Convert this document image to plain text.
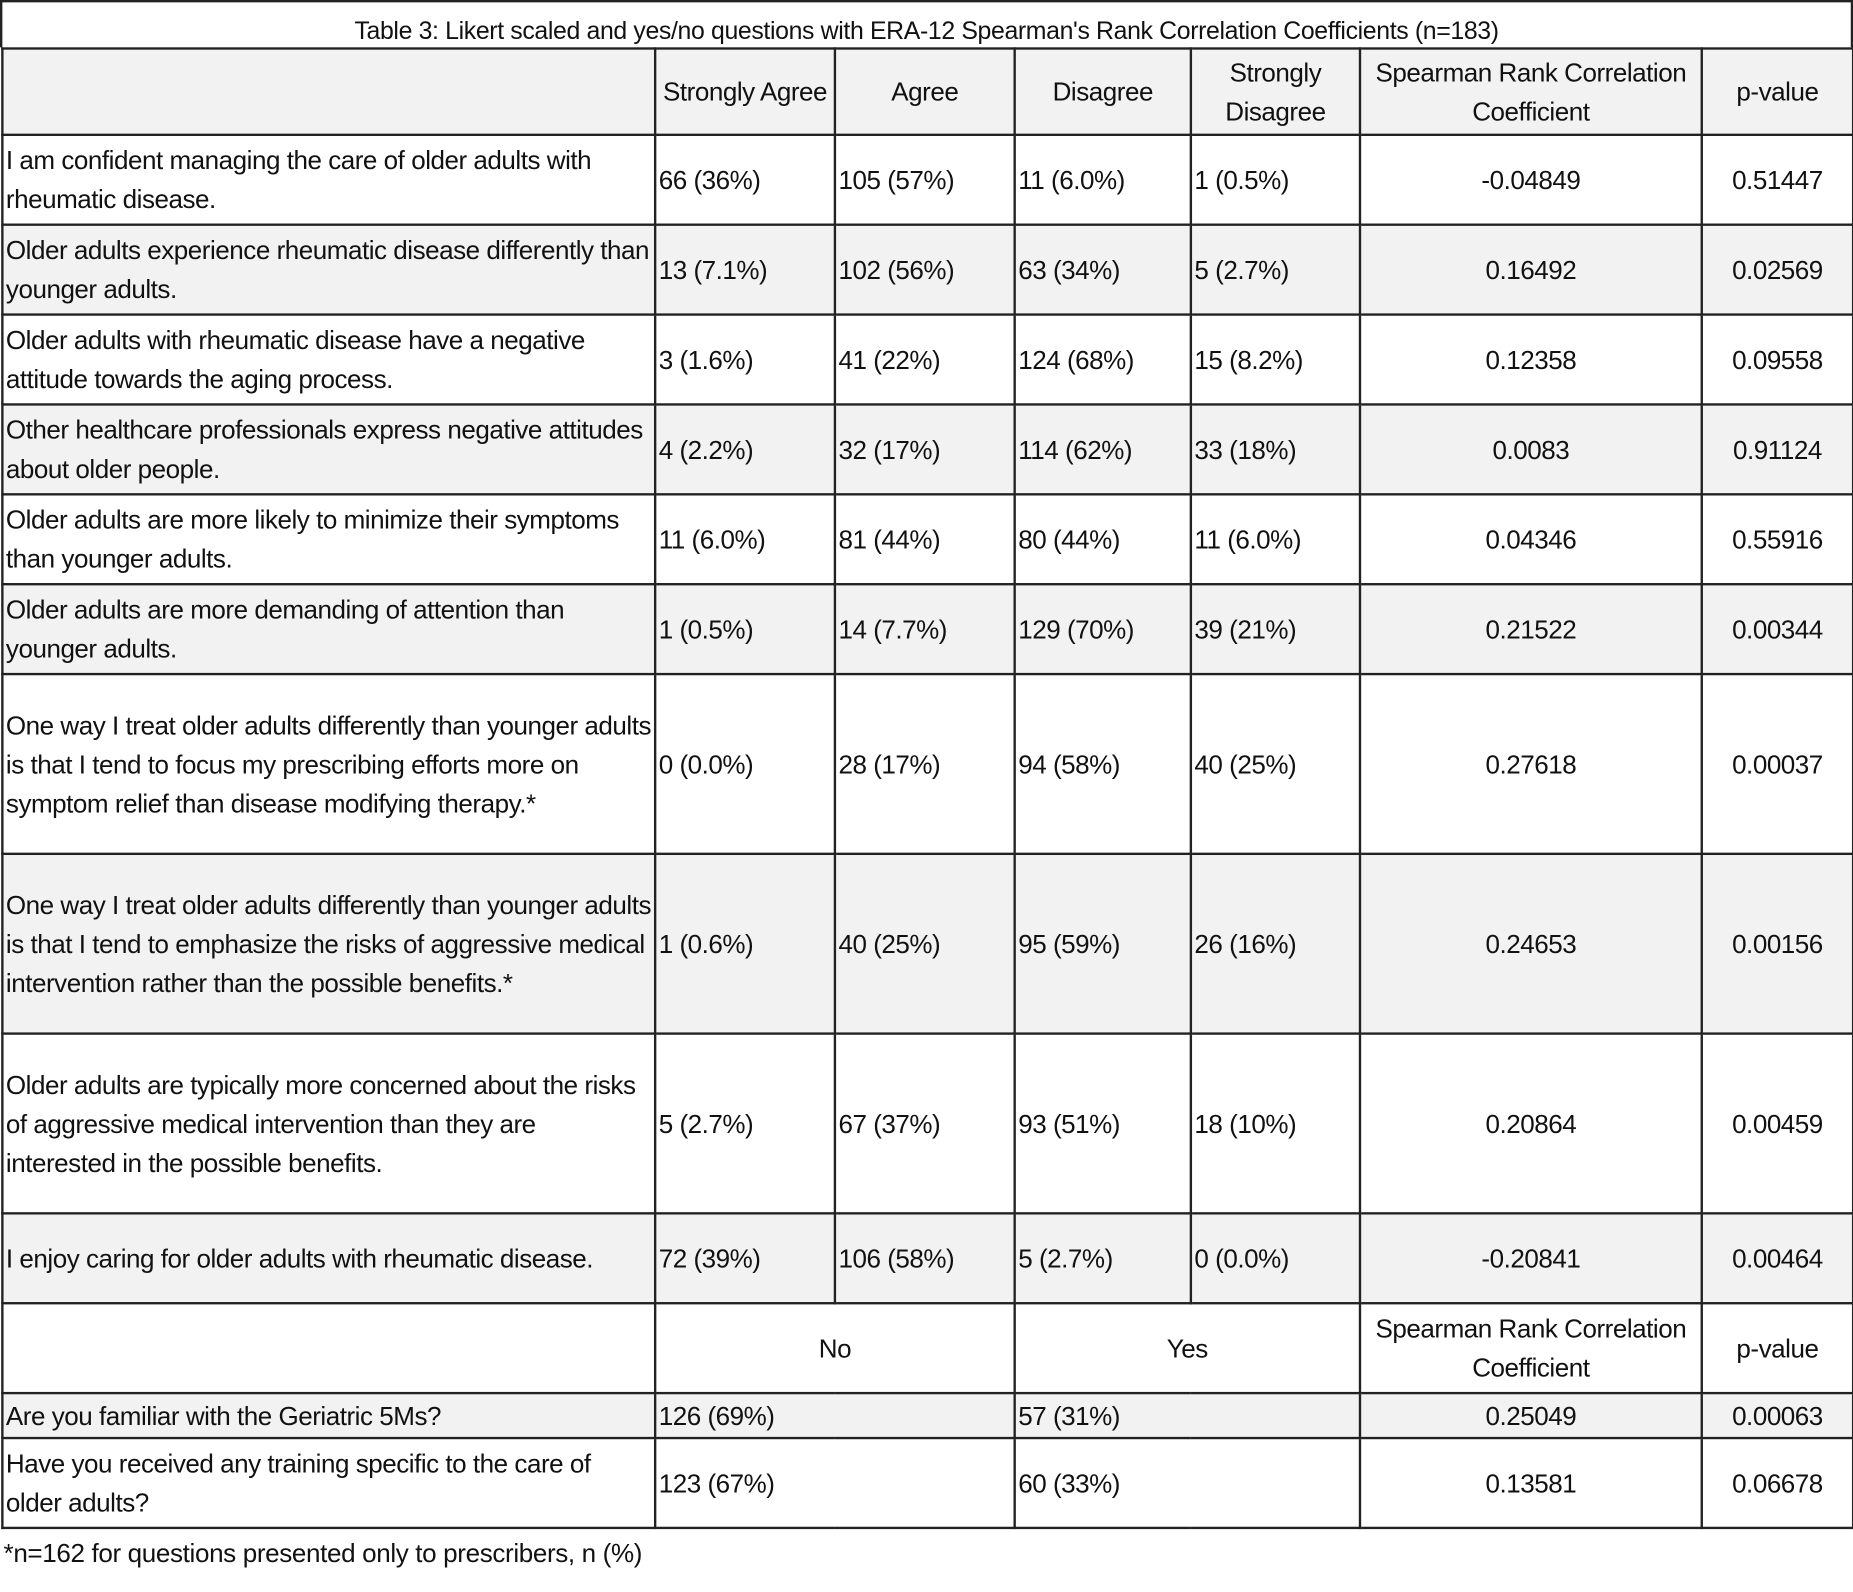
Table 3: Likert scaled and yes/no questions with ERA-12 Spearman's Rank Correlation Coefficients (n=183)
	Strongly Agree	Agree	Disagree	Strongly Disagree	Spearman Rank Correlation Coefficient	p-value
I am confident managing the care of older adults with rheumatic disease.	66 (36%)	105 (57%)	11 (6.0%)	1 (0.5%)	-0.04849	0.51447
Older adults experience rheumatic disease differently than younger adults.	13 (7.1%)	102 (56%)	63 (34%)	5 (2.7%)	0.16492	0.02569
Older adults with rheumatic disease have a negative attitude towards the aging process.	3 (1.6%)	41 (22%)	124 (68%)	15 (8.2%)	0.12358	0.09558
Other healthcare professionals express negative attitudes about older people.	4 (2.2%)	32 (17%)	114 (62%)	33 (18%)	0.0083	0.91124
Older adults are more likely to minimize their symptoms than younger adults.	11 (6.0%)	81 (44%)	80 (44%)	11 (6.0%)	0.04346	0.55916
Older adults are more demanding of attention than younger adults.	1 (0.5%)	14 (7.7%)	129 (70%)	39 (21%)	0.21522	0.00344
One way I treat older adults differently than younger adults is that I tend to focus my prescribing efforts more on symptom relief than disease modifying therapy.*	0 (0.0%)	28 (17%)	94 (58%)	40 (25%)	0.27618	0.00037
One way I treat older adults differently than younger adults is that I tend to emphasize the risks of aggressive medical intervention rather than the possible benefits.*	1 (0.6%)	40 (25%)	95 (59%)	26 (16%)	0.24653	0.00156
Older adults are typically more concerned about the risks of aggressive medical intervention than they are interested in the possible benefits.	5 (2.7%)	67 (37%)	93 (51%)	18 (10%)	0.20864	0.00459
I enjoy caring for older adults with rheumatic disease.	72 (39%)	106 (58%)	5 (2.7%)	0 (0.0%)	-0.20841	0.00464
	No		Yes		Spearman Rank Correlation Coefficient	p-value
Are you familiar with the Geriatric 5Ms?	126 (69%)		57 (31%)		0.25049	0.00063
Have you received any training specific to the care of older adults?	123 (67%)		60 (33%)		0.13581	0.06678
*n=162 for questions presented only to prescribers, n (%)
